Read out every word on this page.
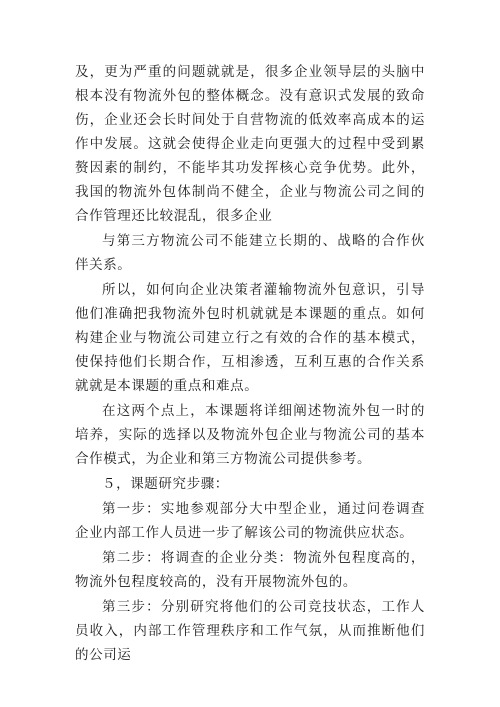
及，更为严重的问题就就是，很多企业领导层的头脑中根本没有物流外包的整体概念。没有意识式发展的致命伤，企业还会长时间处于自营物流的低效率高成本的运作中发展。这就会使得企业走向更强大的过程中受到累赘因素的制约，不能毕其功发挥核心竞争优势。此外，我国的物流外包体制尚不健全，企业与物流公司之间的合作管理还比较混乱，很多企业

与第三方物流公司不能建立长期的、战略的合作伙伴关系。

所以，如何向企业决策者灌输物流外包意识，引导他们准确把我物流外包时机就就是本课题的重点。如何构建企业与物流公司建立行之有效的合作的基本模式，使保持他们长期合作，互相渗透，互利互惠的合作关系就就是本课题的重点和难点。

在这两个点上，本课题将详细阐述物流外包一时的培养，实际的选择以及物流外包企业与物流公司的基本合作模式，为企业和第三方物流公司提供参考。

５，课题研究步骤：

第一步：实地参观部分大中型企业，通过问卷调查企业内部工作人员进一步了解该公司的物流供应状态。

第二步：将调查的企业分类：物流外包程度高的，物流外包程度较高的，没有开展物流外包的。

第三步：分别研究将他们的公司竞技状态，工作人员收入，内部工作管理秩序和工作气氛，从而推断他们的公司运
